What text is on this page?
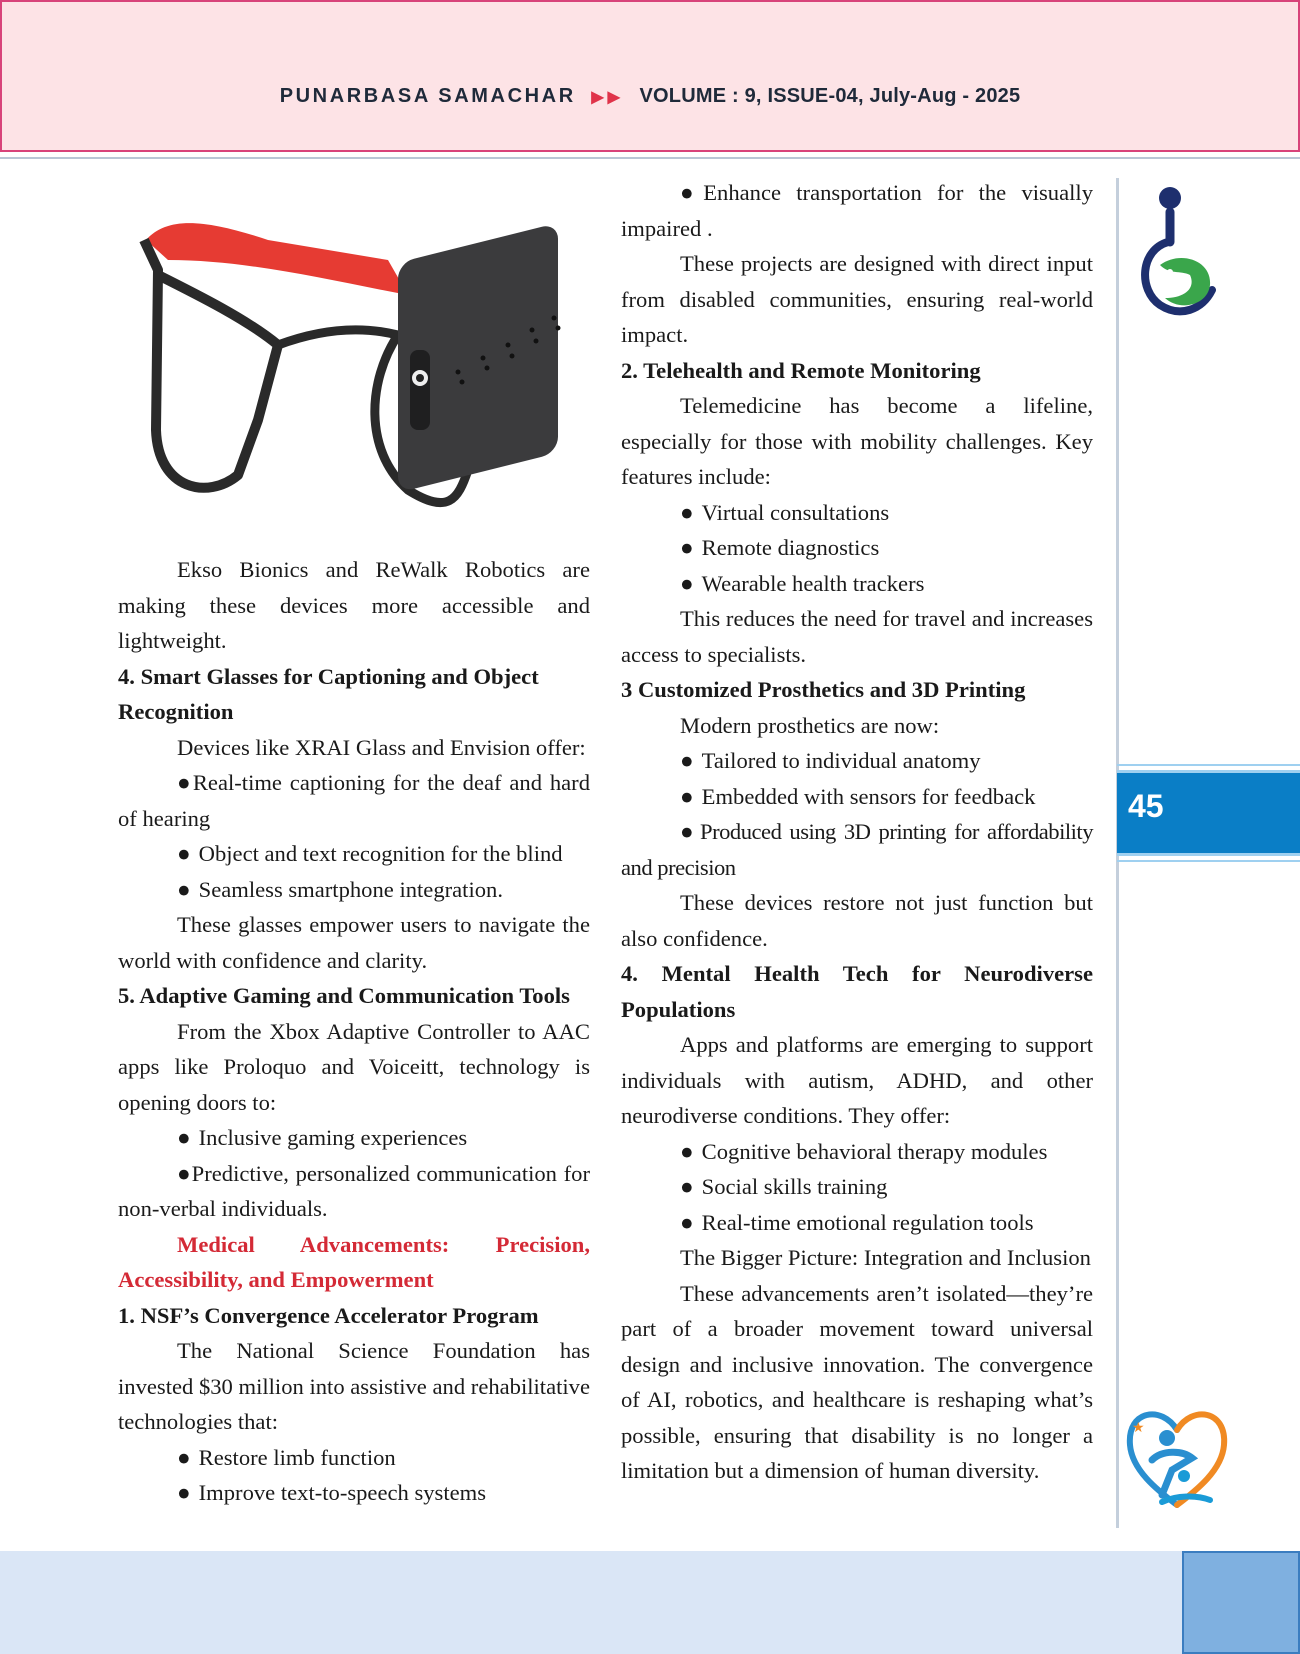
PUNARBASA SAMACHAR ▶▶ VOLUME : 9, ISSUE-04, July-Aug - 2025

Ekso Bionics and ReWalk Robotics are making these devices more accessible and lightweight.

4. Smart Glasses for Captioning and Object Recognition

Devices like XRAI Glass and Envision offer:

●Real-time captioning for the deaf and hard of hearing

● Object and text recognition for the blind

● Seamless smartphone integration.

These glasses empower users to navigate the world with confidence and clarity.

5. Adaptive Gaming and Communication Tools

From the Xbox Adaptive Controller to AAC apps like Proloquo and Voiceitt, technology is opening doors to:

● Inclusive gaming experiences

●Predictive, personalized communication for non-verbal individuals.

Medical Advancements: Precision, Accessibility, and Empowerment

1. NSF’s Convergence Accelerator Program

The National Science Foundation has invested $30 million into assistive and rehabilitative technologies that:

● Restore limb function

● Improve text-to-speech systems

●Enhance transportation for the visually impaired .

These projects are designed with direct input from disabled communities, ensuring real-world impact.

2. Telehealth and Remote Monitoring

Telemedicine has become a lifeline, especially for those with mobility challenges. Key features include:

● Virtual consultations

● Remote diagnostics

● Wearable health trackers

This reduces the need for travel and increases access to specialists.

3 Customized Prosthetics and 3D Printing

Modern prosthetics are now:

● Tailored to individual anatomy

● Embedded with sensors for feedback

● Produced using 3D printing for affordability and precision

These devices restore not just function but also confidence.

4. Mental Health Tech for Neurodiverse Populations

Apps and platforms are emerging to support individuals with autism, ADHD, and other neurodiverse conditions. They offer:

● Cognitive behavioral therapy modules

● Social skills training

● Real-time emotional regulation tools

The Bigger Picture: Integration and Inclusion

These advancements aren’t isolated—they’re part of a broader movement toward universal design and inclusive innovation. The convergence of AI, robotics, and healthcare is reshaping what’s possible, ensuring that disability is no longer a limitation but a dimension of human diversity.

45
★
